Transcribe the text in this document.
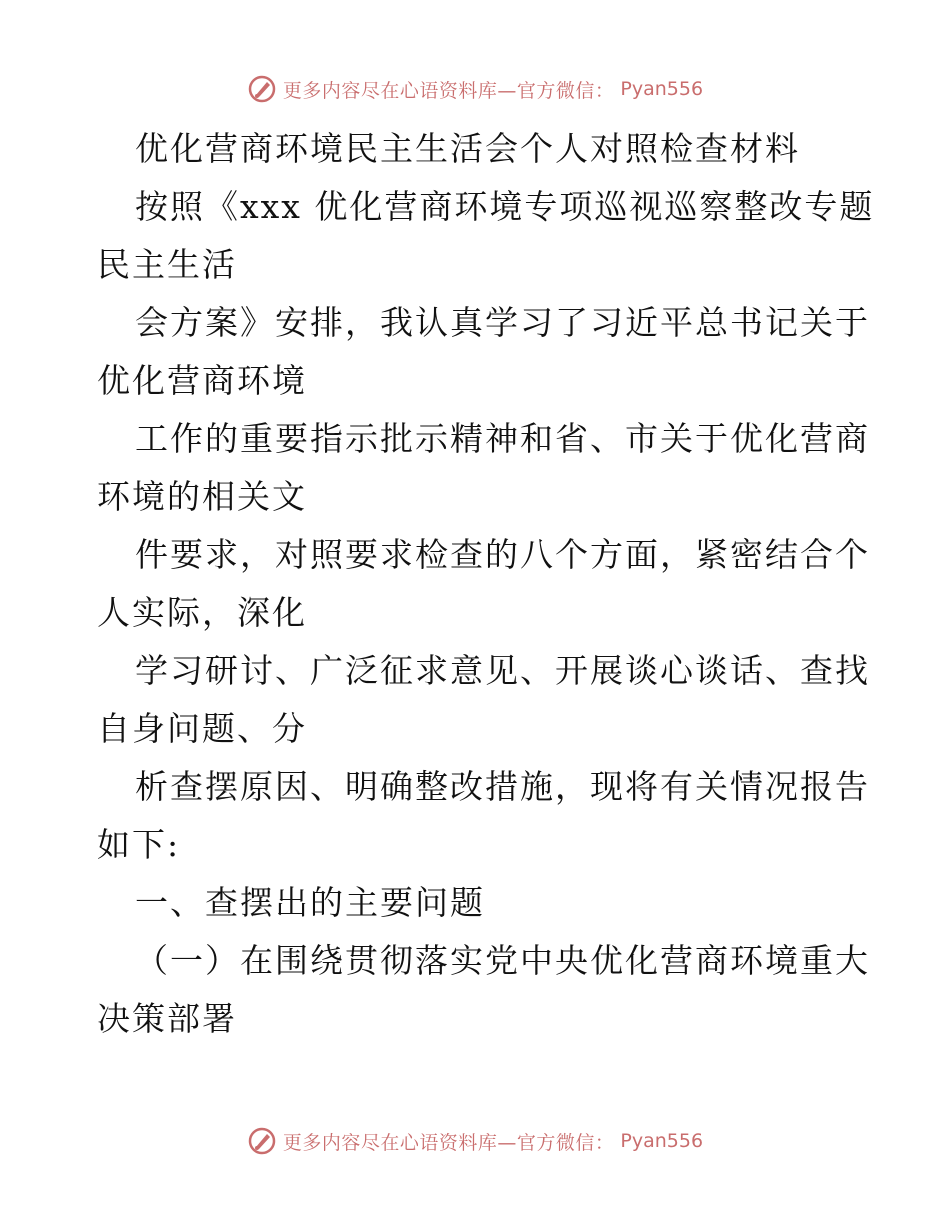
更多内容尽在心语资料库—官方微信： Pyan556
优化营商环境民主生活会个人对照检查材料
按照《xxx 优化营商环境专项巡视巡察整改专题
民主生活
会方案》安排，我认真学习了习近平总书记关于
优化营商环境
工作的重要指示批示精神和省、市关于优化营商
环境的相关文
件要求，对照要求检查的八个方面，紧密结合个
人实际，深化
学习研讨、广泛征求意见、开展谈心谈话、查找
自身问题、分
析查摆原因、明确整改措施，现将有关情况报告
如下:
一、查摆出的主要问题
（一）在围绕贯彻落实党中央优化营商环境重大
决策部署
更多内容尽在心语资料库—官方微信： Pyan556
